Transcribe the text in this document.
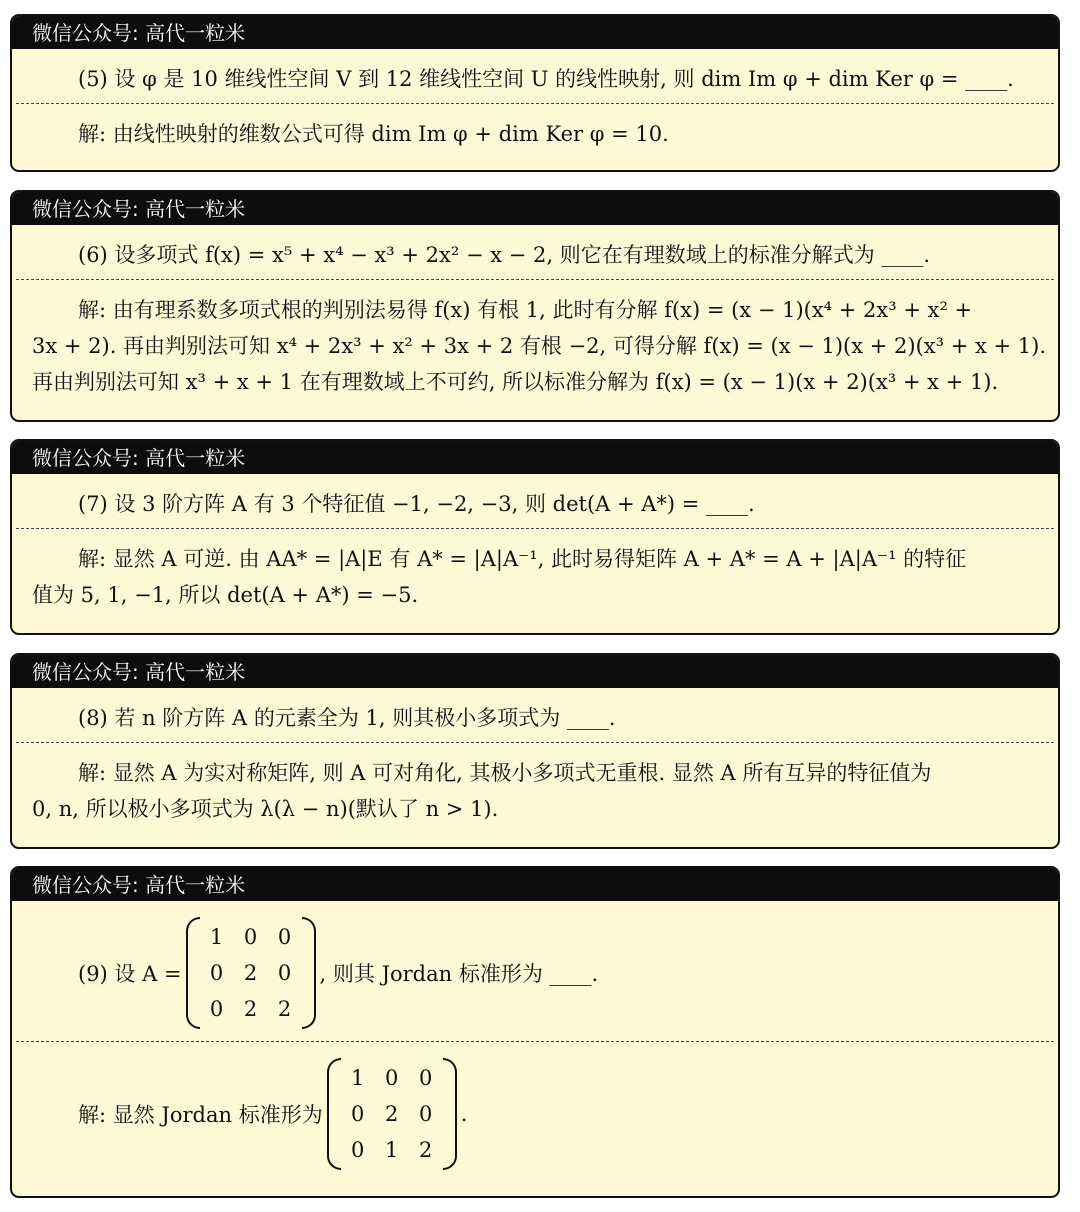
微信公众号: 高代一粒米
(5) 设 φ 是 10 维线性空间 V 到 12 维线性空间 U 的线性映射, 则 dim Im φ + dim Ker φ = ____.
解: 由线性映射的维数公式可得 dim Im φ + dim Ker φ = 10.
微信公众号: 高代一粒米
(6) 设多项式 f(x) = x⁵ + x⁴ − x³ + 2x² − x − 2, 则它在有理数域上的标准分解式为 ____.
解: 由有理系数多项式根的判别法易得 f(x) 有根 1, 此时有分解 f(x) = (x − 1)(x⁴ + 2x³ + x² +
3x + 2). 再由判别法可知 x⁴ + 2x³ + x² + 3x + 2 有根 −2, 可得分解 f(x) = (x − 1)(x + 2)(x³ + x + 1).
再由判别法可知 x³ + x + 1 在有理数域上不可约, 所以标准分解为 f(x) = (x − 1)(x + 2)(x³ + x + 1).
微信公众号: 高代一粒米
(7) 设 3 阶方阵 A 有 3 个特征值 −1, −2, −3, 则 det(A + A*) = ____.
解: 显然 A 可逆. 由 AA* = |A|E 有 A* = |A|A⁻¹, 此时易得矩阵 A + A* = A + |A|A⁻¹ 的特征
值为 5, 1, −1, 所以 det(A + A*) = −5.
微信公众号: 高代一粒米
(8) 若 n 阶方阵 A 的元素全为 1, 则其极小多项式为 ____.
解: 显然 A 为实对称矩阵, 则 A 可对角化, 其极小多项式无重根. 显然 A 所有互异的特征值为
0, n, 所以极小多项式为 λ(λ − n)(默认了 n > 1).
微信公众号: 高代一粒米
(9) 设 A =
1 0 0
0 2 0
0 2 2
, 则其 Jordan 标准形为 ____.
解: 显然 Jordan 标准形为
1 0 0
0 2 0
0 1 2
.
